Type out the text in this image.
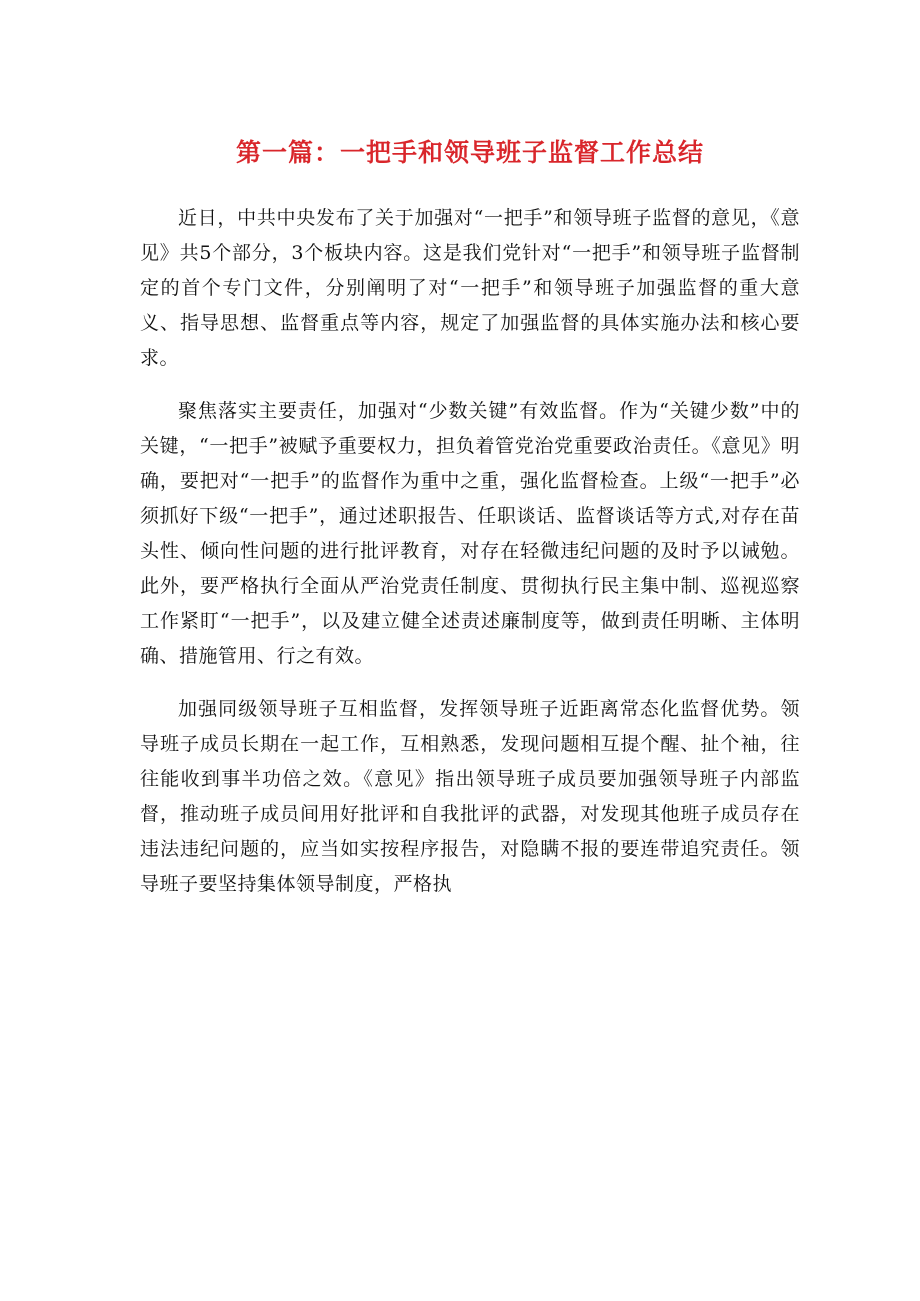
第一篇：一把手和领导班子监督工作总结

近日，中共中央发布了关于加强对“一把手”和领导班子监督的意见，《意见》共5个部分，3个板块内容。这是我们党针对“一把手”和领导班子监督制定的首个专门文件，分别阐明了对“一把手”和领导班子加强监督的重大意义、指导思想、监督重点等内容，规定了加强监督的具体实施办法和核心要求。

聚焦落实主要责任，加强对“少数关键”有效监督。作为“关键少数”中的关键，“一把手”被赋予重要权力，担负着管党治党重要政治责任。《意见》明确，要把对“一把手”的监督作为重中之重，强化监督检查。上级“一把手”必须抓好下级“一把手”，通过述职报告、任职谈话、监督谈话等方式,对存在苗头性、倾向性问题的进行批评教育，对存在轻微违纪问题的及时予以诫勉。此外，要严格执行全面从严治党责任制度、贯彻执行民主集中制、巡视巡察工作紧盯“一把手”，以及建立健全述责述廉制度等，做到责任明晰、主体明确、措施管用、行之有效。

加强同级领导班子互相监督，发挥领导班子近距离常态化监督优势。领导班子成员长期在一起工作，互相熟悉，发现问题相互提个醒、扯个袖，往往能收到事半功倍之效。《意见》指出领导班子成员要加强领导班子内部监督，推动班子成员间用好批评和自我批评的武器，对发现其他班子成员存在违法违纪问题的，应当如实按程序报告，对隐瞒不报的要连带追究责任。领导班子要坚持集体领导制度，严格执
